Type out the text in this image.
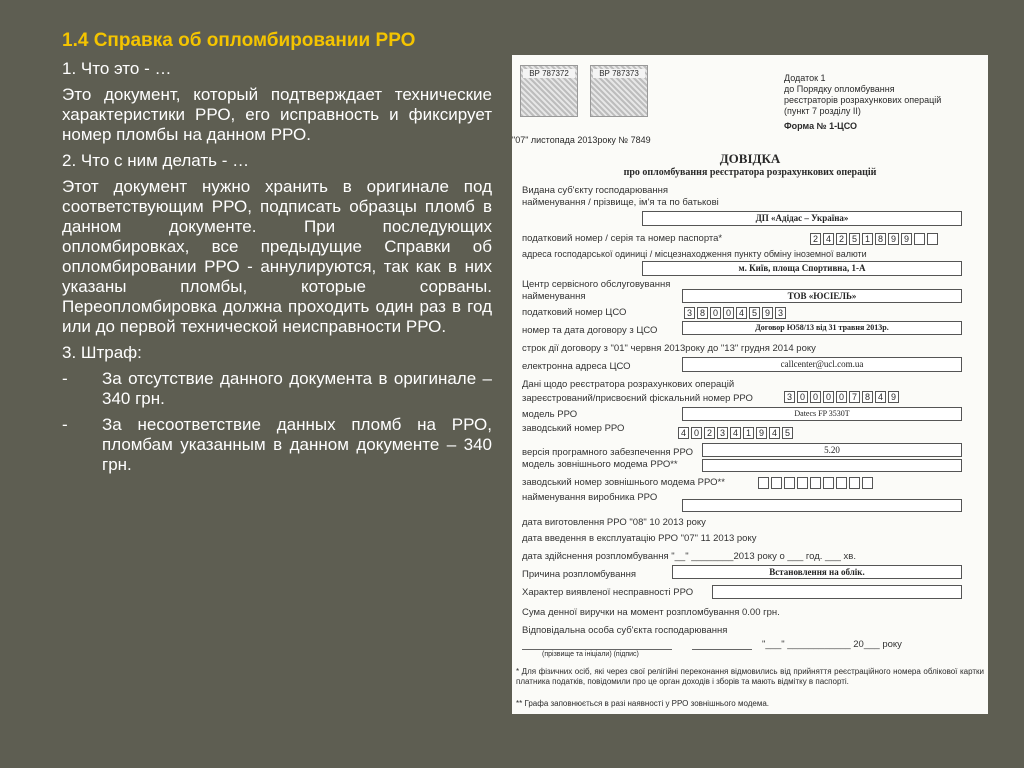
1.4 Справка об опломбировании РРО
1. Что это - …
Это документ, который подтверждает технические характеристики РРО, его исправность и фиксирует номер пломбы на данном РРО.
2. Что с ним делать - …
Этот документ нужно хранить в оригинале под соответствующим РРО, подписать образцы пломб в данном документе. При последующих опломбировках, все предыдущие Справки об опломбировании РРО - аннулируются, так как в них указаны пломбы, которые сорваны. Переопломбировка должна проходить один раз в год или до первой технической неисправности РРО.
3. Штраф:
-	За отсутствие данного документа в оригинале – 340 грн.
-	За несоответствие данных пломб на РРО, пломбам указанным в данном документе – 340 грн.
ВР 787372	ВР 787373	Додаток 1
до Порядку опломбування
реєстраторів розрахункових операцій
(пункт 7 розділу II)
Форма № 1-ЦСО
"07" листопада 2013року № 7849
ДОВІДКА
про опломбування реєстратора розрахункових операцій
Видана суб'єкту господарювання
найменування / прізвище, ім'я та по батькові
ДП «Адідас – Україна»
податковий номер / серія та номер паспорта*	2 4 2 5 1 8 9 9
адреса господарської одиниці / місцезнаходження пункту обміну іноземної валюти
м. Київ, площа Спортивна, 1-А
Центр сервісного обслуговування
найменування	ТОВ «ЮСІЕЛЬ»
податковий номер ЦСО	3 8 0 0 4 5 9 3
номер та дата договору з ЦСО	Договор Ю58/13 від 31 травня 2013р.
строк дії договору з "01" червня 2013року до "13" грудня 2014 року
електронна адреса ЦСО	callcenter@ucl.com.ua
Дані щодо реєстратора розрахункових операцій
зареєстрований/присвоєний фіскальний номер РРО	3 0 0 0 0 7 8 4 9
модель РРО	Datecs FP 3530T
заводський номер РРО	4 0 2 3 4 1 9 4 5
версія програмного забезпечення РРО	5.20
модель зовнішнього модема РРО**
заводський номер зовнішнього модема РРО**
найменування виробника РРО
дата виготовлення РРО "08" 10 2013 року
дата введення в експлуатацію РРО "07" 11 2013 року
дата здійснення розпломбування "__" ________2013 року о ___ год. ___ хв.
Причина розпломбування	Встановлення на облік.
Характер виявленої несправності РРО
Сума денної виручки на момент розпломбування 0.00 грн.
Відповідальна особа суб'єкта господарювання
"___" ____________ 20___ року
(прізвище та ініціали) (підпис)
* Для фізичних осіб, які через свої релігійні переконання відмовились від прийняття реєстраційного номера облікової картки платника податків, повідомили про це орган доходів і зборів та мають відмітку в паспорті.
** Графа заповнюється в разі наявності у РРО зовнішнього модема.
